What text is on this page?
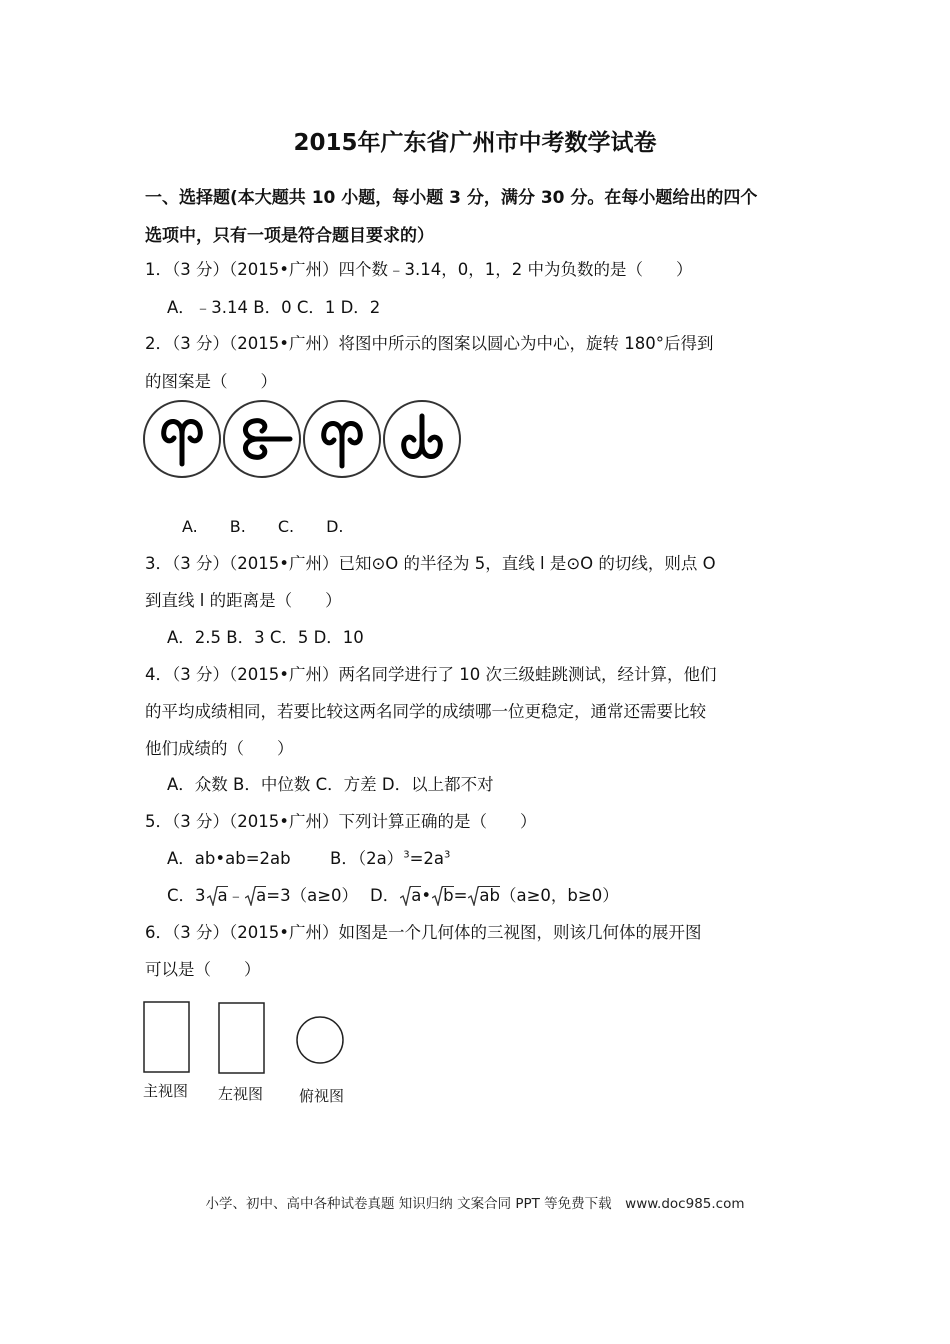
2015年广东省广州市中考数学试卷
一、选择题(本大题共 10 小题，每小题 3 分，满分 30 分。在每小题给出的四个
选项中，只有一项是符合题目要求的）
1．（3 分）（2015•广州）四个数﹣3.14，0，1，2 中为负数的是（　　）
A．﹣3.14 B．0 C．1 D．2
2．（3 分）（2015•广州）将图中所示的图案以圆心为中心，旋转 180°后得到
的图案是（　　）
A.　　B.　　C.　　D.
3．（3 分）（2015•广州）已知⊙O 的半径为 5，直线 l 是⊙O 的切线，则点 O
到直线 l 的距离是（　　）
A．2.5 B．3 C．5 D．10
4．（3 分）（2015•广州）两名同学进行了 10 次三级蛙跳测试，经计算，他们
的平均成绩相同，若要比较这两名同学的成绩哪一位更稳定，通常还需要比较
他们成绩的（　　）
A．众数 B．中位数 C．方差 D．以上都不对
5．（3 分）（2015•广州）下列计算正确的是（　　）
A．ab•ab=2ab B．$(2a)^3=2a^3$
C．3 a﹣ a=3（a≥0） D． a• b= ab（a≥0，b≥0）
6．（3 分）（2015•广州）如图是一个几何体的三视图，则该几何体的展开图
可以是（　　）
主视图 左视图 俯视图
小学、初中、高中各种试卷真题 知识归纳 文案合同 PPT 等免费下载　www.doc985.com
